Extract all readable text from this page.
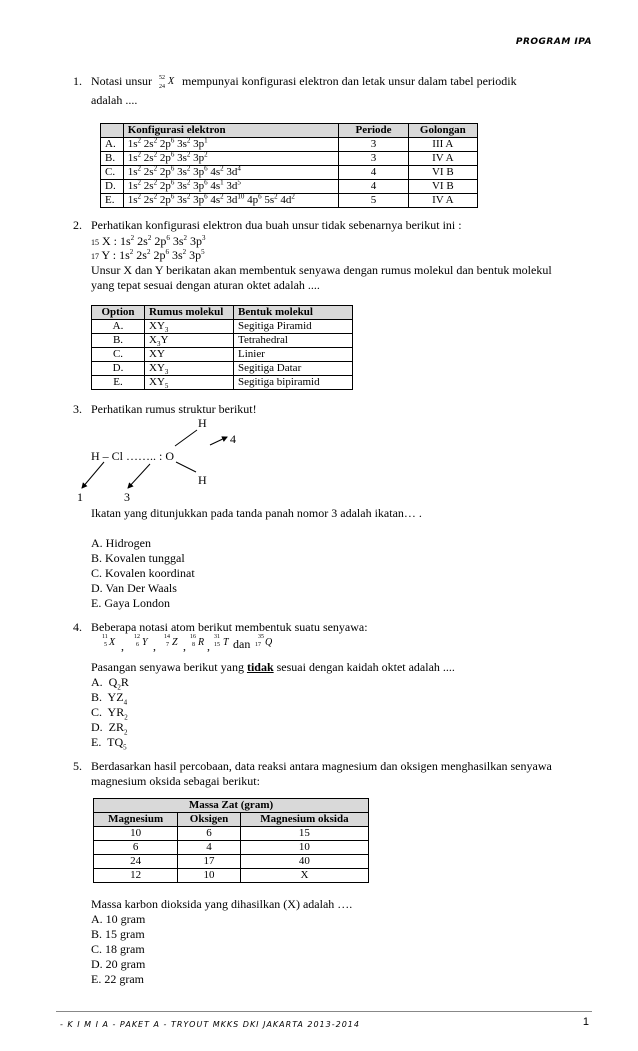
PROGRAM IPA
1. Notasi unsur 52
24 X mempunyai konfigurasi elektron dan letak unsur dalam tabel periodik
adalah ....
	Konfigurasi elektron	Periode	Golongan
A.	$1s^2$ $2s^2$ $2p^6$ $3s^2$ $3p^1$	3	III A
B.	$1s^2$ $2s^2$ $2p^6$ $3s^2$ $3p^2$	3	IV A
C.	$1s^2$ $2s^2$ $2p^6$ $3s^2$ $3p^6$ $4s^2$ $3d^4$	4	VI B
D.	$1s^2$ $2s^2$ $2p^6$ $3s^2$ $3p^6$ $4s^1$ $3d^5$	4	VI B
E.	$1s^2$ $2s^2$ $2p^6$ $3s^2$ $3p^6$ $4s^2$ $3d^{10}$ $4p^6$ $5s^2$ $4d^2$	5	IV A
2. Perhatikan konfigurasi elektron dua buah unsur tidak sebenarnya berikut ini :
15 X : $1s^2$ $2s^2$ $2p^6$ $3s^2$ $3p^3$
17 Y : $1s^2$ $2s^2$ $2p^6$ $3s^2$ $3p^5$
Unsur X dan Y berikatan akan membentuk senyawa dengan rumus molekul dan bentuk molekul
yang tepat sesuai dengan aturan oktet adalah ....
Option	Rumus molekul	Bentuk molekul
A.	$XY_3$	Segitiga Piramid
B.	$X_3Y$	Tetrahedral
C.	XY	Linier
D.	$XY_3$	Segitiga Datar
E.	$XY_5$	Segitiga bipiramid
3. Perhatikan rumus struktur berikut!
H
4
H – Cl …….. : O
H
1	3
Ikatan yang ditunjukkan pada tanda panah nomor 3 adalah ikatan… .
A. Hidrogen
B. Kovalen tunggal
C. Kovalen koordinat
D. Van Der Waals
E. Gaya London
4. Beberapa notasi atom berikut membentuk suatu senyawa:
11
5 X ,
12
6 Y ,
14
7 Z ,
16
8 R ,
31
15 T dan 35
17 Q
Pasangan senyawa berikut yang tidak sesuai dengan kaidah oktet adalah ....
A.  $Q_2R$
B.  $YZ_4$
C.  $YR_2$
D.  $ZR_2$
E.  $TQ_5$
5. Berdasarkan hasil percobaan, data reaksi antara magnesium dan oksigen menghasilkan senyawa
magnesium oksida sebagai berikut:
Massa Zat (gram)		
Magnesium	Oksigen	Magnesium oksida
10	6	15
6	4	10
24	17	40
12	10	X
Massa karbon dioksida yang dihasilkan (X) adalah ….
A. 10 gram
B. 15 gram
C. 18 gram
D. 20 gram
E. 22 gram
- K I M I A - PAKET A - TRYOUT MKKS DKI JAKARTA 2013-2014	1
